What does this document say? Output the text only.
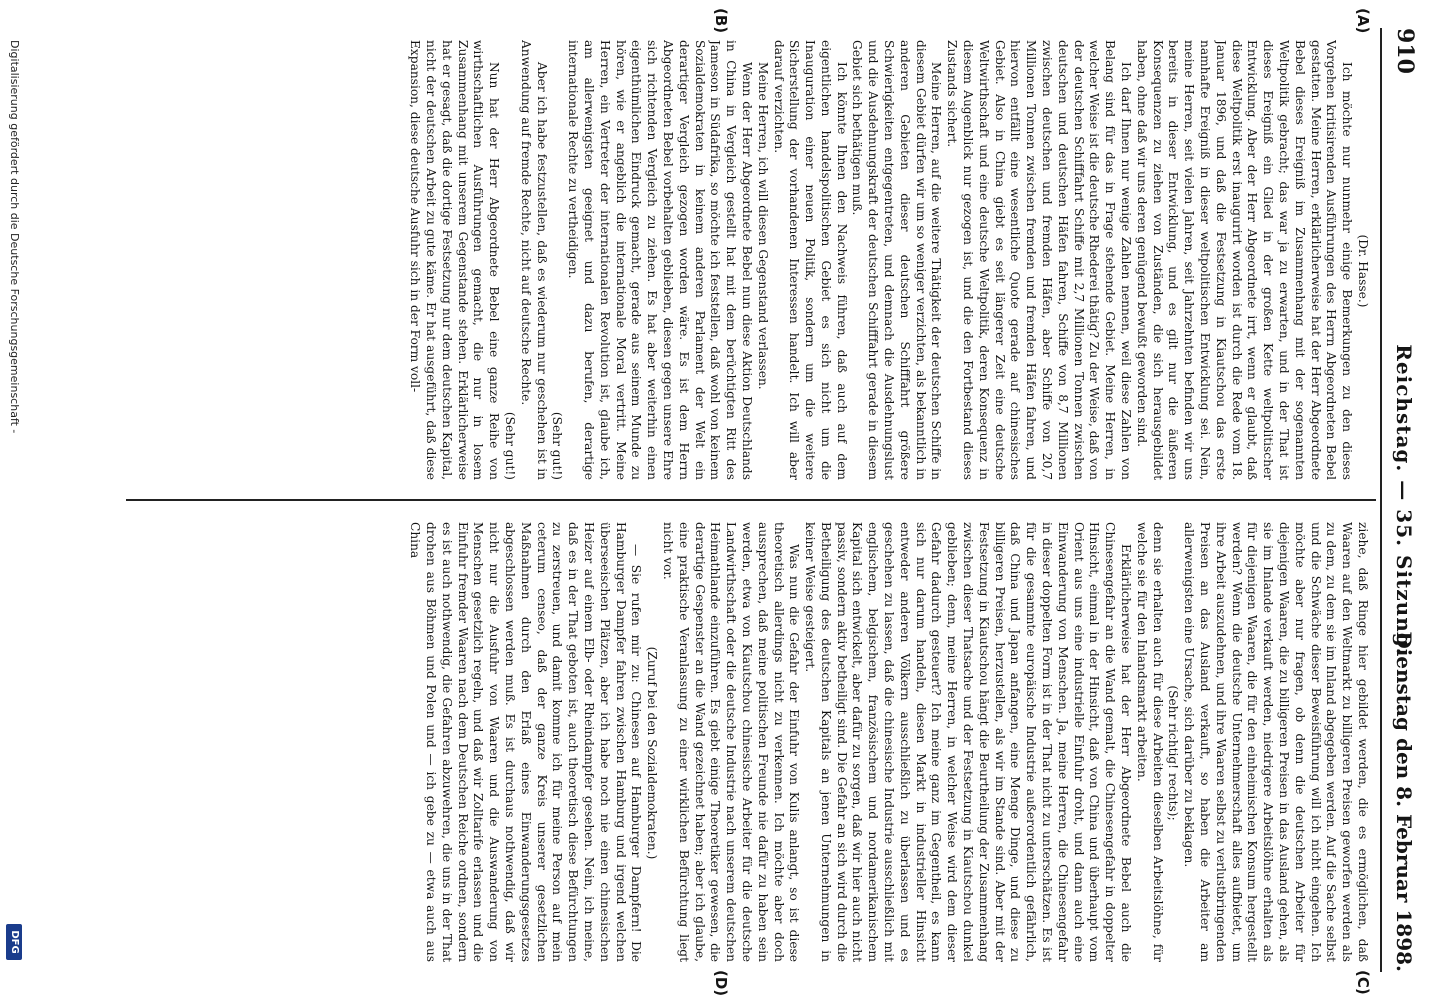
910
Reichstag. — 35. Sitzung.
Dienstag den 8. Februar 1898.
(A)
(B)
(C)
(D)

(Dr. Hasse.)

Ich möchte nur nunmehr einige Bemerkungen zu den dieses Vorgehen kritisirenden Ausführungen des Herrn Abgeordneten Bebel gestatten. Meine Herren, erklärlicherweise hat der Herr Abgeordnete Bebel dieses Ereigniß im Zusammenhang mit der sogenannten Weltpolitik gebracht; das war ja zu erwarten, und in der That ist dieses Ereigniß ein Glied in der großen Kette weltpolitischer Entwicklung. Aber der Herr Abgeordnete irrt, wenn er glaubt, daß diese Weltpolitik erst inaugurirt worden ist durch die Rede vom 18. Januar 1896, und daß die Festsetzung in Kiautschou das erste namhafte Ereigniß in dieser weltpolitischen Entwicklung sei. Nein, meine Herren, seit vielen Jahren, seit Jahrzehnten befinden wir uns bereits in dieser Entwicklung, und es gilt nur die äußeren Konsequenzen zu ziehen von Zuständen, die sich herausgebildet haben, ohne daß wir uns deren genügend bewußt geworden sind.

Ich darf Ihnen nur wenige Zahlen nennen, weil diese Zahlen von Belang sind für das in Frage stehende Gebiet. Meine Herren, in welcher Weise ist die deutsche Rhederei thätig? Zu der Weise, daß von der deutschen Schifffahrt Schiffe mit 2,7 Millionen Tonnen zwischen deutschen und deutschen Häfen fahren, Schiffe von 8,7 Millionen zwischen deutschen und fremden Häfen, aber Schiffe von 20,7 Millionen Tonnen zwischen fremden und fremden Häfen fahren, und hiervon entfällt eine wesentliche Quote gerade auf chinesisches Gebiet. Also in China giebt es seit längerer Zeit eine deutsche Weltwirthschaft und eine deutsche Weltpolitik, deren Konsequenz in diesem Augenblick nur gezogen ist, und die den Fortbestand dieses Zustands sichert.

Meine Herren, auf die weitere Thätigkeit der deutschen Schiffe in diesem Gebiet dürfen wir um so weniger verzichten, als bekanntlich in anderen Gebieten dieser deutschen Schifffahrt größere Schwierigkeiten entgegentreten, und demnach die Ausdehnungslust und die Ausdehnungskraft der deutschen Schifffahrt gerade in diesem Gebiet sich bethätigen muß.

Ich könnte Ihnen den Nachweis führen, daß auch auf dem eigentlichen handelspolitischen Gebiet es sich nicht um die Inauguration einer neuen Politik, sondern um die weitere Sicherstellung der vorhandenen Interessen handelt. Ich will aber darauf verzichten.

Meine Herren, ich will diesen Gegenstand verlassen.

Wenn der Herr Abgeordnete Bebel nun diese Aktion Deutschlands in China in Vergleich gestellt hat mit dem berüchtigten Ritt des Jameson in Südafrika, so möchte ich feststellen, daß wohl von keinem Sozialdemokraten in keinem anderen Parlament der Welt ein derartiger Vergleich gezogen worden wäre. Es ist dem Herrn Abgeordneten Bebel vorbehalten geblieben, diesen gegen unsere Ehre sich richtenden Vergleich zu ziehen. Es hat aber weiterhin einen eigenthümlichen Eindruck gemacht, gerade aus seinem Munde zu hören, wie er angeblich die internationale Moral vertritt. Meine Herren, ein Vertreter der internationalen Revolution ist, glaube ich, am allerwenigsten geeignet und dazu berufen, derartige internationale Rechte zu vertheidigen.

(Sehr gut!)

Aber ich habe festzustellen, daß es wiederum nur geschehen ist in Anwendung auf fremde Rechte, nicht auf deutsche Rechte.

(Sehr gut!)

Nun hat der Herr Abgeordnete Bebel eine ganze Reihe von wirthschaftlichen Ausführungen gemacht, die nur in losem Zusammenhang mit unserem Gegenstande stehen. Erklärlicherweise hat er gesagt, daß die dortige Festsetzung nur dem deutschen Kapital, nicht der deutschen Arbeit zu gute käme. Er hat ausgeführt, daß diese Expansion, diese deutsche Ausfuhr sich in der Form voll-

ziehe, daß Ringe hier gebildet werden, die es ermöglichen, daß Waaren auf den Weltmarkt zu billigeren Preisen geworfen werden als zu dem, zu dem sie im Inland abgegeben werden. Auf die Sache selbst und die Schwäche dieser Beweisführung will ich nicht eingehen. Ich möchte aber nur fragen, ob denn die deutschen Arbeiter für diejenigen Waaren, die zu billigeren Preisen in das Ausland gehen, als sie im Inlande verkauft werden, niedrigere Arbeitslöhne erhalten als für diejenigen Waaren, die für den einheimischen Konsum hergestellt werden? Wenn die deutsche Unternehmerschaft alles aufbietet, um ihre Arbeit auszudehnen, und ihre Waaren selbst zu verlustbringenden Preisen an das Ausland verkauft, so haben die Arbeiter am allerwenigsten eine Ursache, sich darüber zu beklagen.

(Sehr richtig! rechts);

denn sie erhalten auch für diese Arbeiten dieselben Arbeitslöhne, für welche sie für den Inlandsmarkt arbeiten.

Erklärlicherweise hat der Herr Abgeordnete Bebel auch die Chinesengefahr an die Wand gemalt, die Chinesengefahr in doppelter Hinsicht, einmal in der Hinsicht, daß von China und überhaupt vom Orient aus uns eine industrielle Einfuhr droht, und dann auch eine Einwanderung von Menschen. Ja, meine Herren, die Chinesengefahr in dieser doppelten Form ist in der That nicht zu unterschätzen. Es ist für die gesammte europäische Industrie außerordentlich gefährlich, daß China und Japan anfangen, eine Menge Dinge, und diese zu billigeren Preisen, herzustellen, als wir im Stande sind. Aber mit der Festsetzung in Kiautschou hängt die Beurtheilung der Zusammenhang zwischen dieser Thatsache und der Festsetzung in Kiautschou dunkel geblieben; denn, meine Herren, in welcher Weise wird dem dieser Gefahr dadurch gesteuert? Ich meine ganz im Gegentheil, es kann sich nur darum handeln, diesen Markt in industrieller Hinsicht entweder anderen Völkern ausschließlich zu überlassen und es geschehen zu lassen, daß die chinesische Industrie ausschließlich mit englischem, belgischem, französischem und nordamerikanischem Kapital sich entwickelt, aber dafür zu sorgen, daß wir hier auch nicht passiv, sondern aktiv betheiligt sind. Die Gefahr an sich wird durch die Betheiligung des deutschen Kapitals an jenen Unternehmungen in keiner Weise gesteigert.

Was nun die Gefahr der Einfuhr von Kulis anlangt, so ist diese theoretisch allerdings nicht zu verkennen. Ich möchte aber doch aussprechen, daß meine politischen Freunde nie dafür zu haben sein werden, etwa von Kiautschou chinesische Arbeiter für die deutsche Landwirthschaft oder die deutsche Industrie nach unserem deutschen Heimathlande einzuführen. Es giebt einige Theoretiker gewesen, die derartige Gespenster an die Wand gezeichnet haben; aber ich glaube, eine praktische Veranlassung zu einer wirklichen Befürchtung liegt nicht vor.

(Zuruf bei den Sozialdemokraten.)

— Sie rufen mir zu: Chinesen auf Hamburger Dampfern! Die Hamburger Dampfer fahren zwischen Hamburg und irgend welchen überseeischen Plätzen, aber ich habe noch nie einen chinesischen Heizer auf einem Elb- oder Rheindampfer gesehen. Nein, ich meine, daß es in der That geboten ist, auch theoretisch diese Befürchtungen zu zerstreuen, und damit komme ich für meine Person auf mein ceterum censeo, daß der ganze Kreis unserer gesetzlichen Maßnahmen durch den Erlaß eines Einwanderungsgesetzes abgeschlossen werden muß. Es ist durchaus nothwendig, daß wir nicht nur die Ausfuhr von Waaren und die Auswanderung von Menschen gesetzlich regeln, und daß wir Zolltarife erlassen und die Einfuhr fremder Waaren nach dem Deutschen Reiche ordnen, sondern es ist auch nothwendig, die Gefahren abzuwehren, die uns in der That drohen aus Böhmen und Polen und — ich gebe zu — etwa auch aus China

Digitalisierung gefördert durch die Deutsche Forschungsgemeinschaft -
DFG
